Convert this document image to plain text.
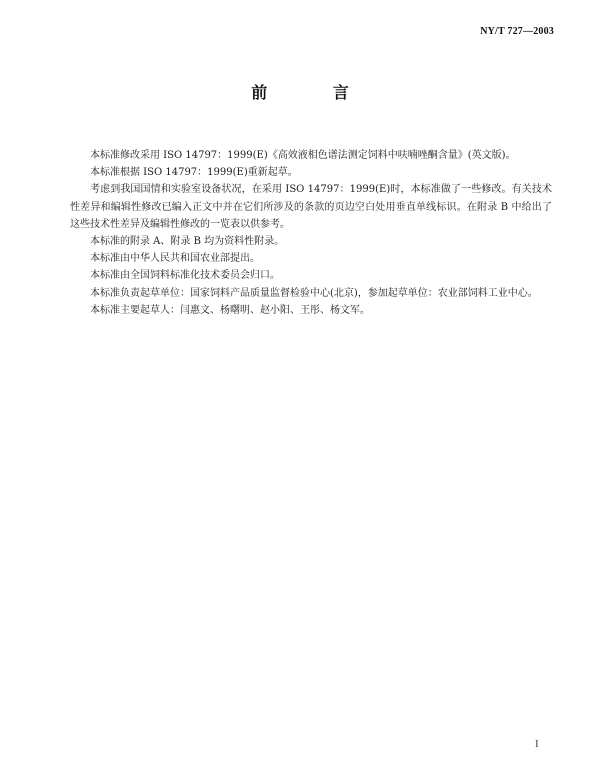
NY/T 727—2003
前 言

本标准修改采用 ISO 14797：1999(E)《高效液相色谱法测定饲料中呋喃唑酮含量》(英文版)。

本标准根据 ISO 14797：1999(E)重新起草。

考虑到我国国情和实验室设备状况，在采用 ISO 14797：1999(E)时，本标准做了一些修改。有关技术性差异和编辑性修改已编入正文中并在它们所涉及的条款的页边空白处用垂直单线标识。在附录 B 中给出了这些技术性差异及编辑性修改的一览表以供参考。

本标准的附录 A、附录 B 均为资料性附录。

本标准由中华人民共和国农业部提出。

本标准由全国饲料标准化技术委员会归口。

本标准负责起草单位：国家饲料产品质量监督检验中心(北京)，参加起草单位：农业部饲料工业中心。

本标准主要起草人：闫惠文、杨曙明、赵小阳、王彤、杨文军。

I
